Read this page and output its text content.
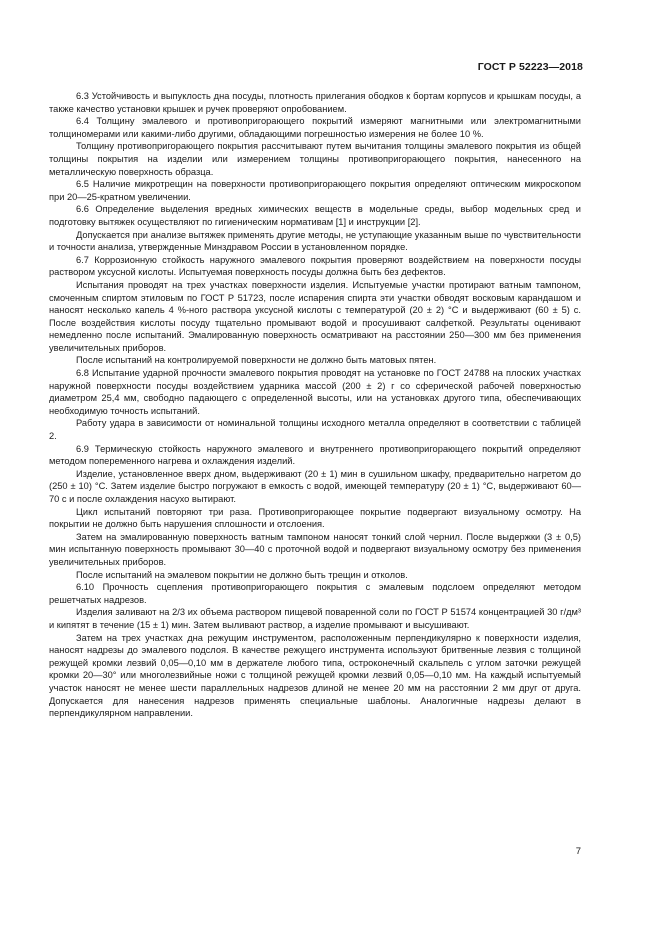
ГОСТ Р 52223—2018

6.3 Устойчивость и выпуклость дна посуды, плотность прилегания ободков к бортам корпусов и крышкам посуды, а также качество установки крышек и ручек проверяют опробованием.

6.4 Толщину эмалевого и противопригорающего покрытий измеряют магнитными или электромагнитными толщиномерами или какими-либо другими, обладающими погрешностью измерения не более 10 %.

Толщину противопригорающего покрытия рассчитывают путем вычитания толщины эмалевого покрытия из общей толщины покрытия на изделии или измерением толщины противопригорающего покрытия, нанесенного на металлическую поверхность образца.

6.5 Наличие микротрещин на поверхности противопригорающего покрытия определяют оптическим микроскопом при 20—25-кратном увеличении.

6.6 Определение выделения вредных химических веществ в модельные среды, выбор модельных сред и подготовку вытяжек осуществляют по гигиеническим нормативам [1] и инструкции [2].

Допускается при анализе вытяжек применять другие методы, не уступающие указанным выше по чувствительности и точности анализа, утвержденные Минздравом России в установленном порядке.

6.7 Коррозионную стойкость наружного эмалевого покрытия проверяют воздействием на поверхности посуды раствором уксусной кислоты. Испытуемая поверхность посуды должна быть без дефектов.

Испытания проводят на трех участках поверхности изделия. Испытуемые участки протирают ватным тампоном, смоченным спиртом этиловым по ГОСТ Р 51723, после испарения спирта эти участки обводят восковым карандашом и наносят несколько капель 4 %-ного раствора уксусной кислоты с температурой (20 ± 2) °С и выдерживают (60 ± 5) с. После воздействия кислоты посуду тщательно промывают водой и просушивают салфеткой. Результаты оценивают немедленно после испытаний. Эмалированную поверхность осматривают на расстоянии 250—300 мм без применения увеличительных приборов.

После испытаний на контролируемой поверхности не должно быть матовых пятен.

6.8 Испытание ударной прочности эмалевого покрытия проводят на установке по ГОСТ 24788 на плоских участках наружной поверхности посуды воздействием ударника массой (200 ± 2) г со сферической рабочей поверхностью диаметром 25,4 мм, свободно падающего с определенной высоты, или на установках другого типа, обеспечивающих необходимую точность испытаний.

Работу удара в зависимости от номинальной толщины исходного металла определяют в соответствии с таблицей 2.

6.9 Термическую стойкость наружного эмалевого и внутреннего противопригорающего покрытий определяют методом попеременного нагрева и охлаждения изделий.

Изделие, установленное вверх дном, выдерживают (20 ± 1) мин в сушильном шкафу, предварительно нагретом до (250 ± 10) °С. Затем изделие быстро погружают в емкость с водой, имеющей температуру (20 ± 1) °С, выдерживают 60—70 с и после охлаждения насухо вытирают.

Цикл испытаний повторяют три раза. Противопригорающее покрытие подвергают визуальному осмотру. На покрытии не должно быть нарушения сплошности и отслоения.

Затем на эмалированную поверхность ватным тампоном наносят тонкий слой чернил. После выдержки (3 ± 0,5) мин испытанную поверхность промывают 30—40 с проточной водой и подвергают визуальному осмотру без применения увеличительных приборов.

После испытаний на эмалевом покрытии не должно быть трещин и отколов.

6.10 Прочность сцепления противопригорающего покрытия с эмалевым подслоем определяют методом решетчатых надрезов.

Изделия заливают на 2/3 их объема раствором пищевой поваренной соли по ГОСТ Р 51574 концентрацией 30 г/дм³ и кипятят в течение (15 ± 1) мин. Затем выливают раствор, а изделие промывают и высушивают.

Затем на трех участках дна режущим инструментом, расположенным перпендикулярно к поверхности изделия, наносят надрезы до эмалевого подслоя. В качестве режущего инструмента используют бритвенные лезвия с толщиной режущей кромки лезвий 0,05—0,10 мм в держателе любого типа, остроконечный скальпель с углом заточки режущей кромки 20—30° или многолезвийные ножи с толщиной режущей кромки лезвий 0,05—0,10 мм. На каждый испытуемый участок наносят не менее шести параллельных надрезов длиной не менее 20 мм на расстоянии 2 мм друг от друга. Допускается для нанесения надрезов применять специальные шаблоны. Аналогичные надрезы делают в перпендикулярном направлении.

7
